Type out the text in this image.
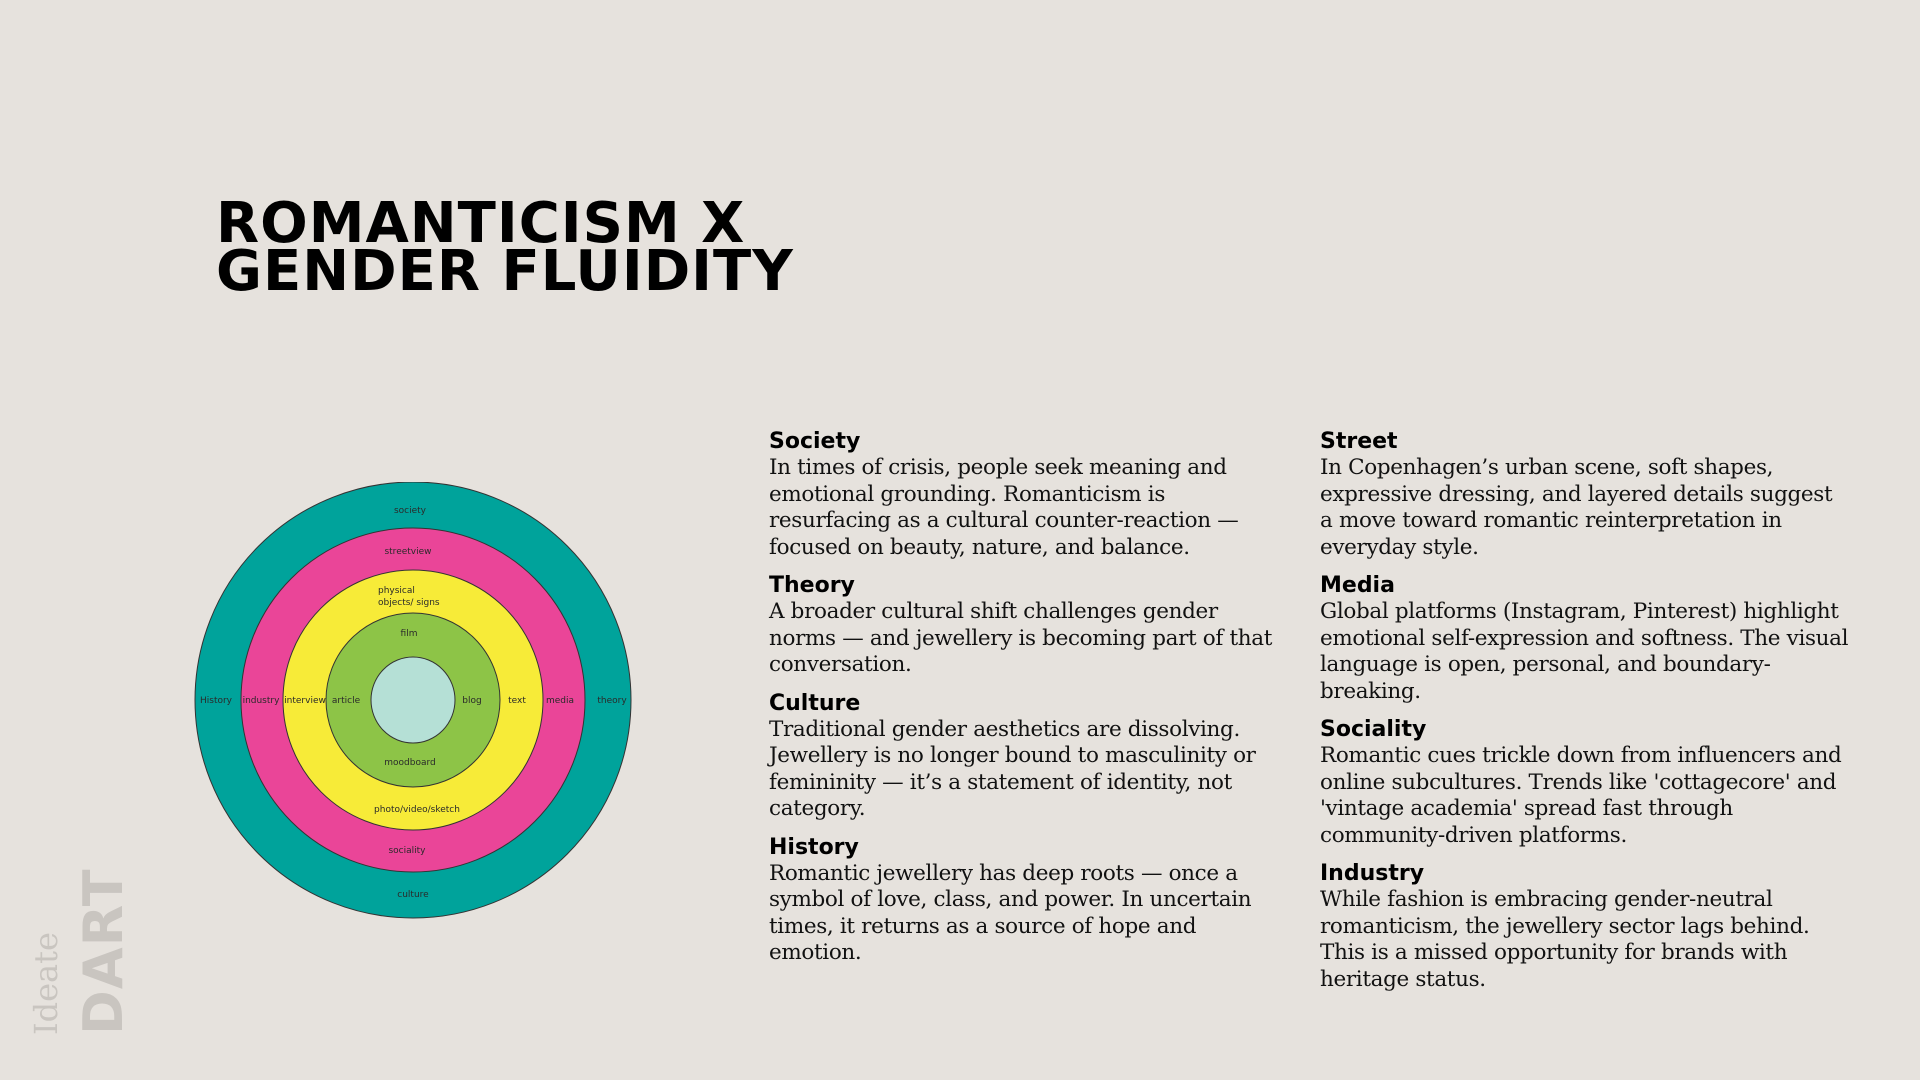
ROMANTICISM X
GENDER FLUIDITY
society
culture
History	theory
streetview
sociality
industry	media
physical
objects/ signs
photo/video/sketch
interview	text
film
moodboard
article	blog
Society

In times of crisis, people seek meaning and emotional grounding. Romanticism is resurfacing as a cultural counter-reaction — focused on beauty, nature, and balance.

Theory

A broader cultural shift challenges gender norms — and jewellery is becoming part of that conversation.

Culture

Traditional gender aesthetics are dissolving. Jewellery is no longer bound to masculinity or femininity — it’s a statement of identity, not category.

History

Romantic jewellery has deep roots — once a symbol of love, class, and power. In uncertain times, it returns as a source of hope and emotion.

Street

In Copenhagen’s urban scene, soft shapes, expressive dressing, and layered details suggest a move toward romantic reinterpretation in everyday style.

Media

Global platforms (Instagram, Pinterest) highlight emotional self-expression and softness. The visual language is open, personal, and boundary-breaking.

Sociality

Romantic cues trickle down from influencers and online subcultures. Trends like 'cottagecore' and 'vintage academia' spread fast through community-driven platforms.

Industry

While fashion is embracing gender-neutral romanticism, the jewellery sector lags behind. This is a missed opportunity for brands with heritage status.

Ideate DART
